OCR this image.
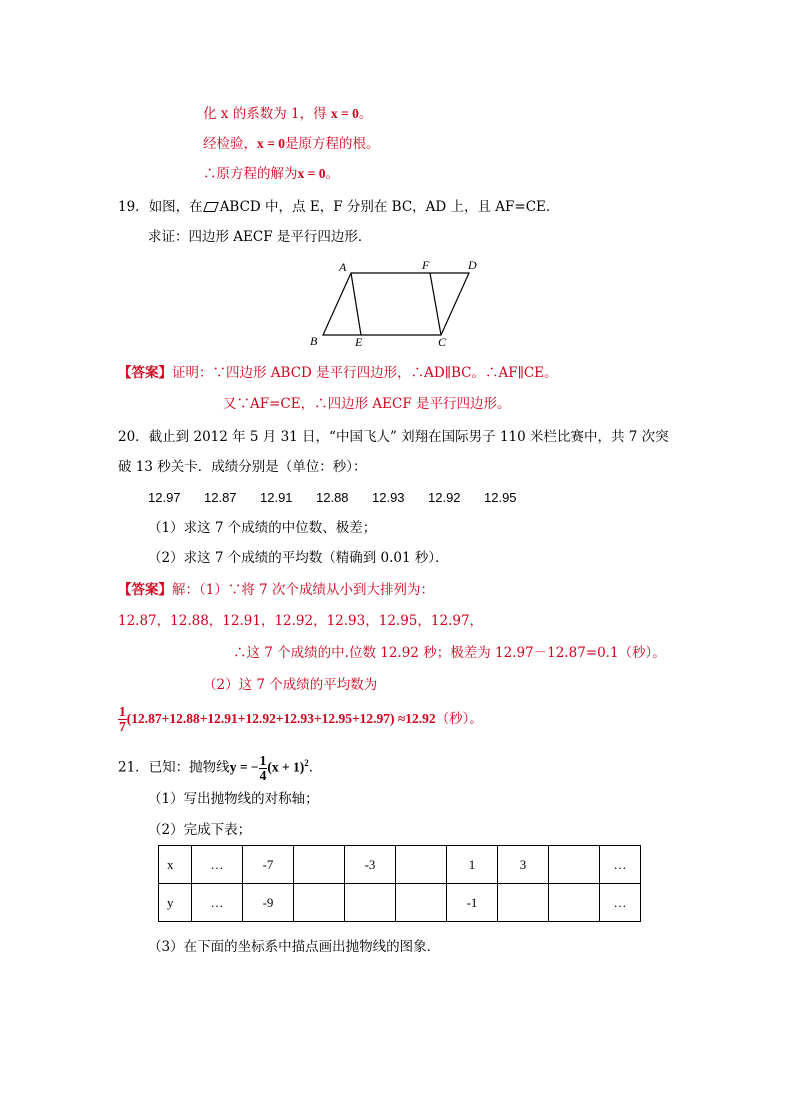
化 x 的系数为 1，得 x = 0。
经检验，x = 0是原方程的根。
∴原方程的解为x = 0。
19．如图，在 ABCD 中，点 E，F 分别在 BC，AD 上，且 AF=CE．
求证：四边形 AECF 是平行四边形．
A	F	D
B	E	C
【答案】证明：∵四边形 ABCD 是平行四边形，∴AD∥BC。∴AF∥CE。
又∵AF=CE，∴四边形 AECF 是平行四边形。
20．截止到 2012 年 5 月 31 日，“中国飞人” 刘翔在国际男子 110 米栏比赛中，共 7 次突
破 13 秒关卡．成绩分别是（单位：秒）：
12.97 12.87 12.91 12.88 12.93 12.92 12.95
（1）求这 7 个成绩的中位数、极差；
（2）求这 7 个成绩的平均数（精确到 0.01 秒）．
【答案】解：（1）∵将 7 次个成绩从小到大排列为：
12.87，12.88，12.91，12.92，12.93，12.95，12.97，
∴这 7 个成绩的中.位数 12.92 秒；极差为 12.97－12.87=0.1（秒）。
（2）这 7 个成绩的平均数为
$\frac{1}{7} (12.87+12.88+12.91+12.92+12.93+12.95+12.97) \approx 12.92$（秒）。
21．已知：抛物线y = − $\frac{1}{4} (x + 1)^2$．
（1）写出抛物线的对称轴；
（2）完成下表；
x	…	-7		-3		1	3		…
y	…	-9				-1			…
（3）在下面的坐标系中描点画出抛物线的图象．
